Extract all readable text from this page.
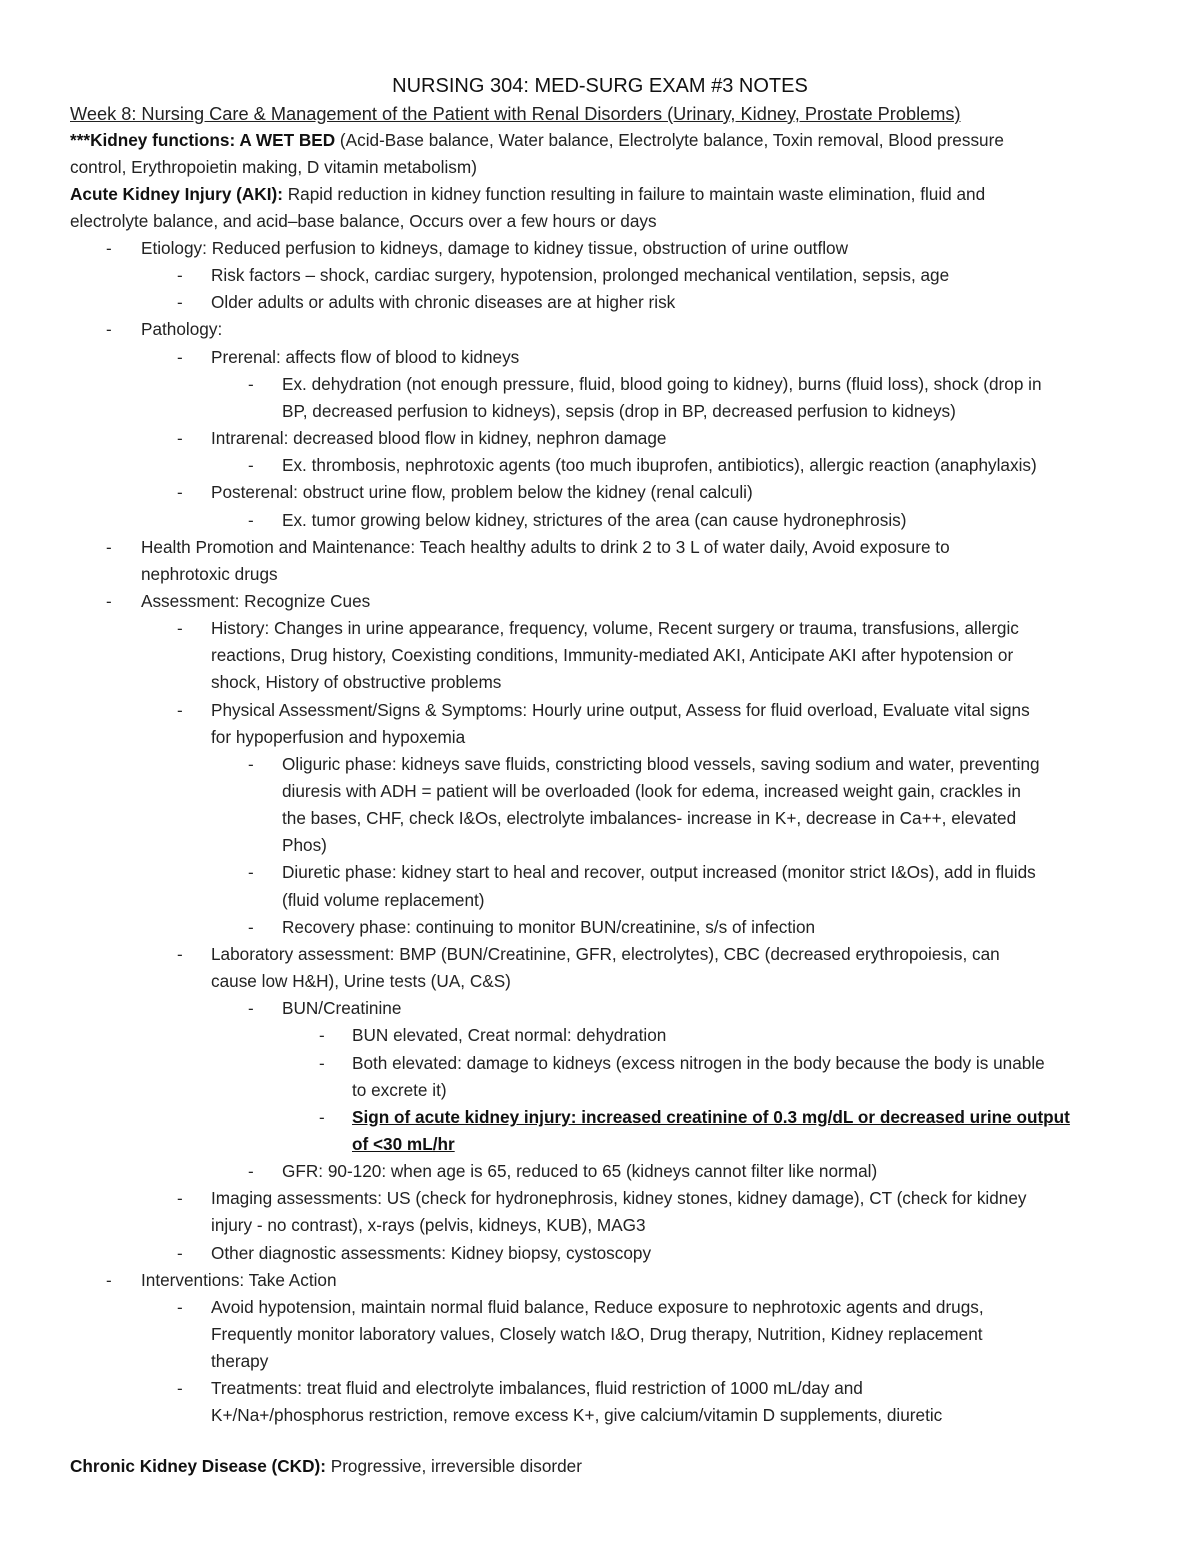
NURSING 304: MED-SURG EXAM #3 NOTES
Week 8: Nursing Care & Management of the Patient with Renal Disorders (Urinary, Kidney, Prostate Problems)
***Kidney functions: A WET BED (Acid-Base balance, Water balance, Electrolyte balance, Toxin removal, Blood pressure
control, Erythropoietin making, D vitamin metabolism)
Acute Kidney Injury (AKI): Rapid reduction in kidney function resulting in failure to maintain waste elimination, fluid and
electrolyte balance, and acid–base balance, Occurs over a few hours or days
- Etiology: Reduced perfusion to kidneys, damage to kidney tissue, obstruction of urine outflow
- Risk factors – shock, cardiac surgery, hypotension, prolonged mechanical ventilation, sepsis, age
- Older adults or adults with chronic diseases are at higher risk
- Pathology:
- Prerenal: affects flow of blood to kidneys
- Ex. dehydration (not enough pressure, fluid, blood going to kidney), burns (fluid loss), shock (drop in
BP, decreased perfusion to kidneys), sepsis (drop in BP, decreased perfusion to kidneys)
- Intrarenal: decreased blood flow in kidney, nephron damage
- Ex. thrombosis, nephrotoxic agents (too much ibuprofen, antibiotics), allergic reaction (anaphylaxis)
- Posterenal: obstruct urine flow, problem below the kidney (renal calculi)
- Ex. tumor growing below kidney, strictures of the area (can cause hydronephrosis)
- Health Promotion and Maintenance: Teach healthy adults to drink 2 to 3 L of water daily, Avoid exposure to
nephrotoxic drugs
- Assessment: Recognize Cues
- History: Changes in urine appearance, frequency, volume, Recent surgery or trauma, transfusions, allergic
reactions, Drug history, Coexisting conditions, Immunity-mediated AKI, Anticipate AKI after hypotension or
shock, History of obstructive problems
- Physical Assessment/Signs & Symptoms: Hourly urine output, Assess for fluid overload, Evaluate vital signs
for hypoperfusion and hypoxemia
- Oliguric phase: kidneys save fluids, constricting blood vessels, saving sodium and water, preventing
diuresis with ADH = patient will be overloaded (look for edema, increased weight gain, crackles in
the bases, CHF, check I&Os, electrolyte imbalances- increase in K+, decrease in Ca++, elevated
Phos)
- Diuretic phase: kidney start to heal and recover, output increased (monitor strict I&Os), add in fluids
(fluid volume replacement)
- Recovery phase: continuing to monitor BUN/creatinine, s/s of infection
- Laboratory assessment: BMP (BUN/Creatinine, GFR, electrolytes), CBC (decreased erythropoiesis, can
cause low H&H), Urine tests (UA, C&S)
- BUN/Creatinine
- BUN elevated, Creat normal: dehydration
- Both elevated: damage to kidneys (excess nitrogen in the body because the body is unable
to excrete it)
- Sign of acute kidney injury: increased creatinine of 0.3 mg/dL or decreased urine output
of <30 mL/hr
- GFR: 90-120: when age is 65, reduced to 65 (kidneys cannot filter like normal)
- Imaging assessments: US (check for hydronephrosis, kidney stones, kidney damage), CT (check for kidney
injury - no contrast), x-rays (pelvis, kidneys, KUB), MAG3
- Other diagnostic assessments: Kidney biopsy, cystoscopy
- Interventions: Take Action
- Avoid hypotension, maintain normal fluid balance, Reduce exposure to nephrotoxic agents and drugs,
Frequently monitor laboratory values, Closely watch I&O, Drug therapy, Nutrition, Kidney replacement
therapy
- Treatments: treat fluid and electrolyte imbalances, fluid restriction of 1000 mL/day and
K+/Na+/phosphorus restriction, remove excess K+, give calcium/vitamin D supplements, diuretic
Chronic Kidney Disease (CKD): Progressive, irreversible disorder
